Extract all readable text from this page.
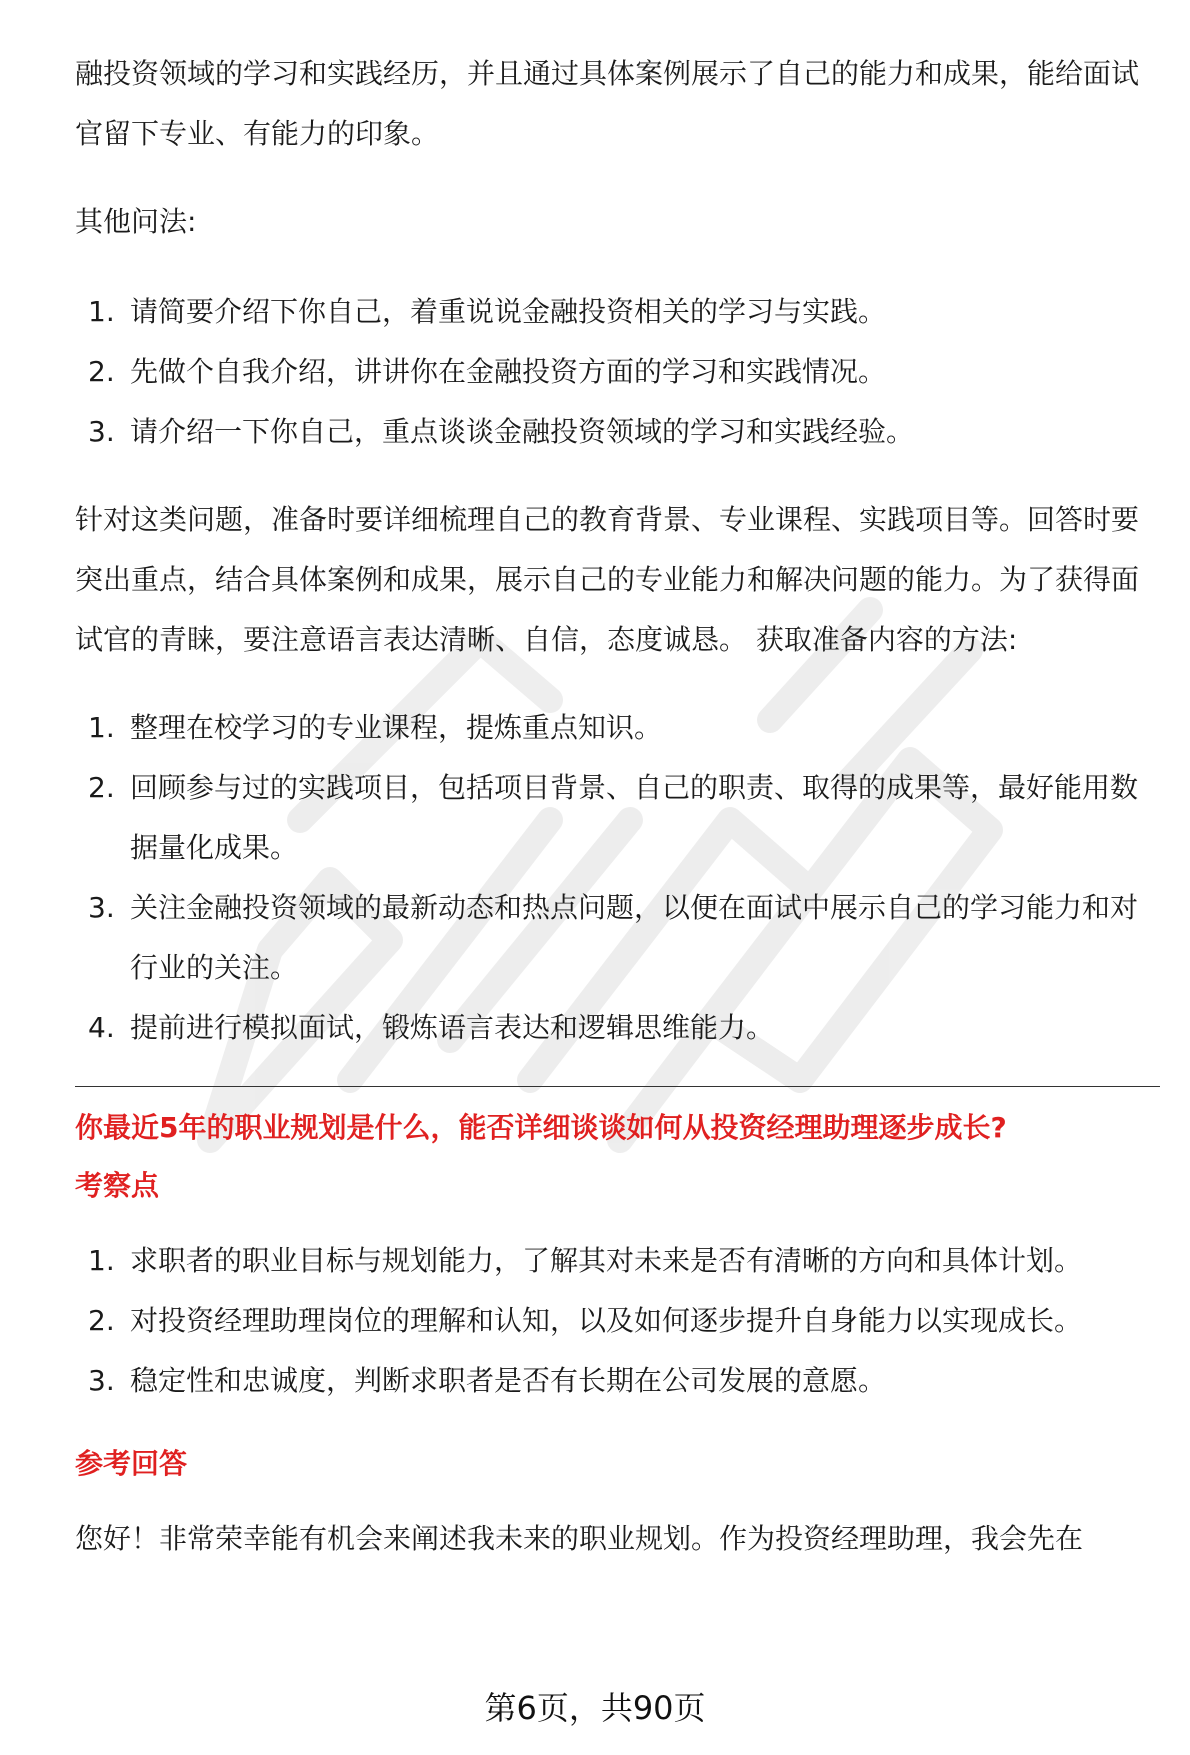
融投资领域的学习和实践经历，并且通过具体案例展示了自己的能力和成果，能给面试官留下专业、有能力的印象。

其他问法:

1. 请简要介绍下你自己，着重说说金融投资相关的学习与实践。
2. 先做个自我介绍，讲讲你在金融投资方面的学习和实践情况。
3. 请介绍一下你自己，重点谈谈金融投资领域的学习和实践经验。

针对这类问题，准备时要详细梳理自己的教育背景、专业课程、实践项目等。回答时要突出重点，结合具体案例和成果，展示自己的专业能力和解决问题的能力。为了获得面试官的青睐，要注意语言表达清晰、自信，态度诚恳。 获取准备内容的方法:

1. 整理在校学习的专业课程，提炼重点知识。
2. 回顾参与过的实践项目，包括项目背景、自己的职责、取得的成果等，最好能用数据量化成果。
3. 关注金融投资领域的最新动态和热点问题，以便在面试中展示自己的学习能力和对行业的关注。
4. 提前进行模拟面试，锻炼语言表达和逻辑思维能力。

你最近5年的职业规划是什么，能否详细谈谈如何从投资经理助理逐步成长?

考察点

1. 求职者的职业目标与规划能力，了解其对未来是否有清晰的方向和具体计划。
2. 对投资经理助理岗位的理解和认知，以及如何逐步提升自身能力以实现成长。
3. 稳定性和忠诚度，判断求职者是否有长期在公司发展的意愿。

参考回答

您好！非常荣幸能有机会来阐述我未来的职业规划。作为投资经理助理，我会先在

第6页，共90页
